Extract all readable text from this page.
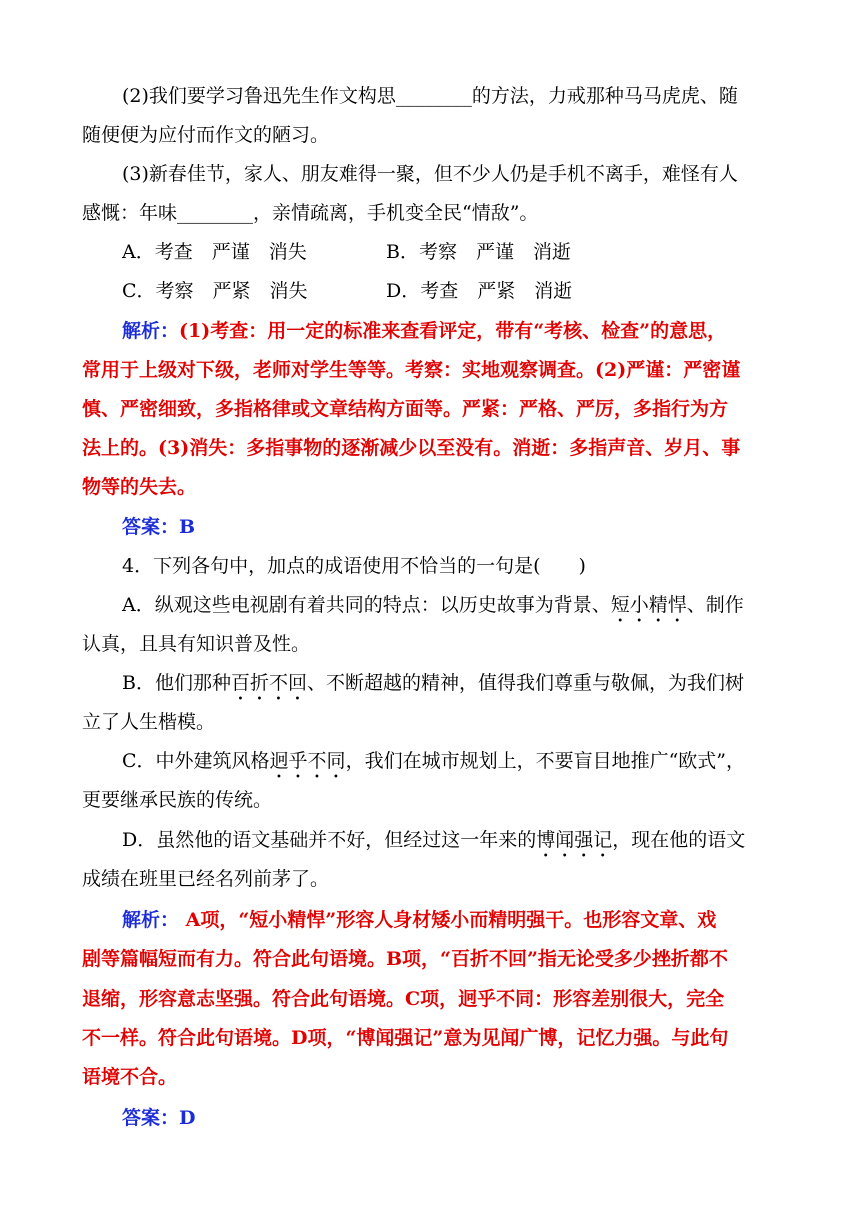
(2)我们要学习鲁迅先生作文构思________的方法，力戒那种马马虎虎、随
随便便为应付而作文的陋习。
(3)新春佳节，家人、朋友难得一聚，但不少人仍是手机不离手，难怪有人
感慨：年味________，亲情疏离，手机变全民“情敌”。
A．考查　严谨　消失	B．考察　严谨　消逝
C．考察　严紧　消失	D．考查　严紧　消逝
解析：(1)考查：用一定的标准来查看评定，带有“考核、检查”的意思，
常用于上级对下级，老师对学生等等。考察：实地观察调查。(2)严谨：严密谨
慎、严密细致，多指格律或文章结构方面等。严紧：严格、严厉，多指行为方
法上的。(3)消失：多指事物的逐渐减少以至没有。消逝：多指声音、岁月、事
物等的失去。
答案：B
4．下列各句中，加点的成语使用不恰当的一句是(　　)
A．纵观这些电视剧有着共同的特点：以历史故事为背景、短小精悍、制作
认真，且具有知识普及性。
B．他们那种百折不回、不断超越的精神，值得我们尊重与敬佩，为我们树
立了人生楷模。
C．中外建筑风格迥乎不同，我们在城市规划上，不要盲目地推广“欧式”，
更要继承民族的传统。
D．虽然他的语文基础并不好，但经过这一年来的博闻强记，现在他的语文
成绩在班里已经名列前茅了。
解析： A项，“短小精悍”形容人身材矮小而精明强干。也形容文章、戏
剧等篇幅短而有力。符合此句语境。B项，“百折不回”指无论受多少挫折都不
退缩，形容意志坚强。符合此句语境。C项，迥乎不同：形容差别很大，完全
不一样。符合此句语境。D项，“博闻强记”意为见闻广博，记忆力强。与此句
语境不合。
答案：D
